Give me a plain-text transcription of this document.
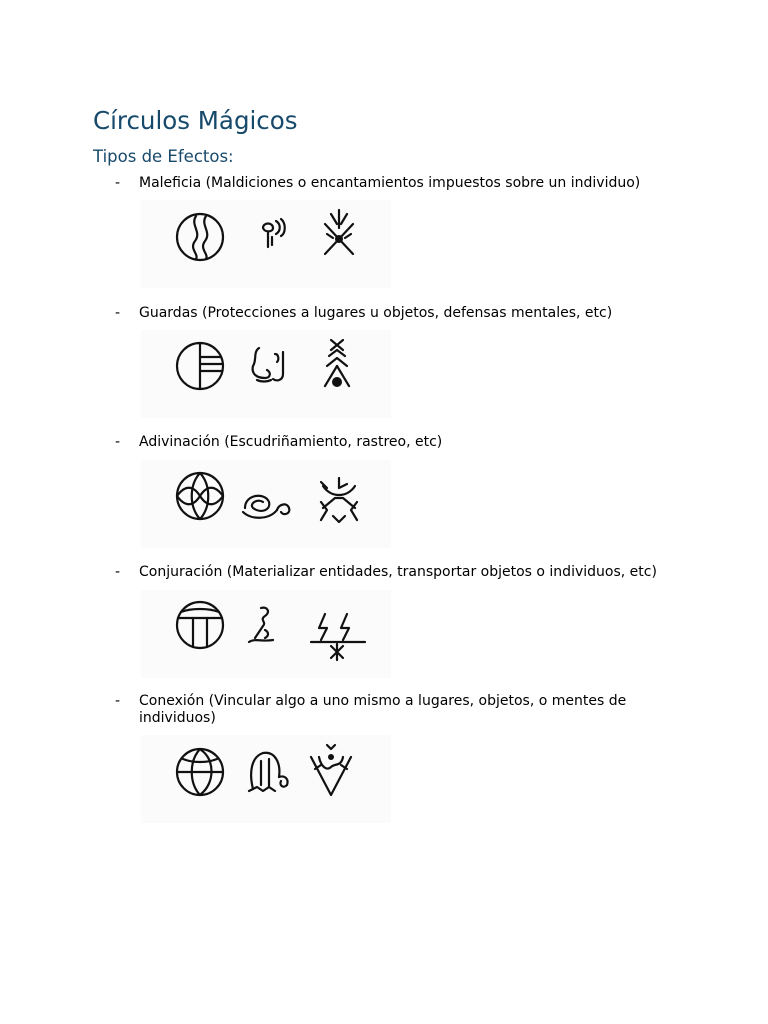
Círculos Mágicos
Tipos de Efectos:
- Maleficia (Maldiciones o encantamientos impuestos sobre un individuo)
- Guardas (Protecciones a lugares u objetos, defensas mentales, etc)
- Adivinación (Escudriñamiento, rastreo, etc)
- Conjuración (Materializar entidades, transportar objetos o individuos, etc)
- Conexión (Vincular algo a uno mismo a lugares, objetos, o mentes de individuos)
